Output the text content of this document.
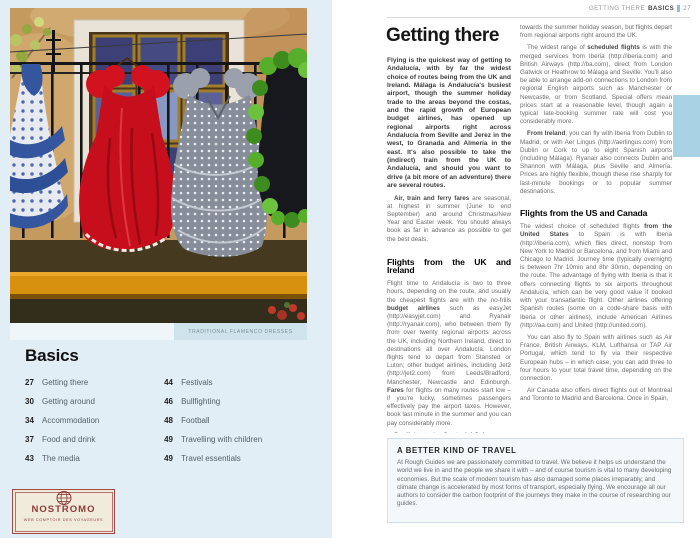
TRADITIONAL FLAMENCO DRESSES
Basics
27	Getting there
30	Getting around
34	Accommodation
37	Food and drink
43	The media
44	Festivals
46	Bullfighting
48	Football
49	Travelling with children
49	Travel essentials
NOSTROMO
WEB COMPTOIR DES VOYAGEURS
GETTING THERE BASICS 27
Getting there

Flying is the quickest way of getting to Andalucía, with by far the widest choice of routes being from the UK and Ireland. Málaga is Andalucía's busiest airport, though the summer holiday trade to the areas beyond the costas, and the rapid growth of European budget airlines, has opened up regional airports right across Andalucía from Seville and Jerez in the west, to Granada and Almería in the east. It's also possible to take the (indirect) train from the UK to Andalucía, and should you want to drive (a bit more of an adventure) there are several routes.

Air, train and ferry fares are seasonal, at highest in summer (June to end September) and around Christmas/New Year and Easter week. You should always book as far in advance as possible to get the best deals.

Flights from the UK and Ireland

Flight time to Andalucía is two to three hours, depending on the route, and usually the cheapest flights are with the no-frills budget airlines such as easyJet (http://easyjet.com) and Ryanair (http://ryanair.com), who between them fly from over twenty regional airports across the UK, including Northern Ireland, direct to destinations all over Andalucía. London flights tend to depart from Stansted or Luton; other budget airlines, including Jet2 (http://jet2.com) from Leeds/Bradford, Manchester, Newcastle and Edinburgh. Fares for flights on many routes start low – if you're lucky, sometimes passengers effectively pay the airport taxes. However, book last minute in the summer and you can pay considerably more.

towards the summer holiday season, but flights depart from regional airports right around the UK.

The widest range of scheduled flights is with the merged services from Iberia (http://iberia.com) and British Airways (http://ba.com), direct from London Gatwick or Heathrow to Málaga and Seville. You'll also be able to arrange add-on connections to London from regional English airports such as Manchester or Newcastle, or from Scotland. Special offers mean prices start at a reasonable level, though again a typical late-booking summer rate will cost you considerably more.

From Ireland, you can fly with Iberia from Dublin to Madrid, or with Aer Lingus (http://aerlingus.com) from Dublin or Cork to up to eight Spanish airports (including Málaga). Ryanair also connects Dublin and Shannon with Málaga, plus Seville and Almería. Prices are highly flexible, though these rise sharply for last-minute bookings or to popular summer destinations.

Flights from the US and Canada

The widest choice of scheduled flights from the United States to Spain is with Iberia (http://iberia.com), which flies direct, nonstop from New York to Madrid or Barcelona, and from Miami and Chicago to Madrid. Journey time (typically overnight) is between 7hr 10min and 8hr 30min, depending on the route. The advantage of flying with Iberia is that it offers connecting flights to six airports throughout Andalucía, which can be very good value if booked with your transatlantic flight. Other airlines offering Spanish routes (some on a code-share basis with Iberia or other airlines), include American Airlines (http://aa.com) and United (http://united.com).

You can also fly to Spain with airlines such as Air France, British Airways, KLM, Lufthansa or TAP Air Portugal, which tend to fly via their respective European hubs – in which case, you can add three to four hours to your total travel time, depending on the connection.

Air Canada also offers direct flights out of Montreal and Toronto to Madrid and Barcelona. Once in Spain,

A BETTER KIND OF TRAVEL

At Rough Guides we are passionately committed to travel. We believe it helps us understand the world we live in and the people we share it with – and of course tourism is vital to many developing economies. But the scale of modern tourism has also damaged some places irreparably, and climate change is accelerated by most forms of transport, especially flying. We encourage all our authors to consider the carbon footprint of the journeys they make in the course of researching our guides.
